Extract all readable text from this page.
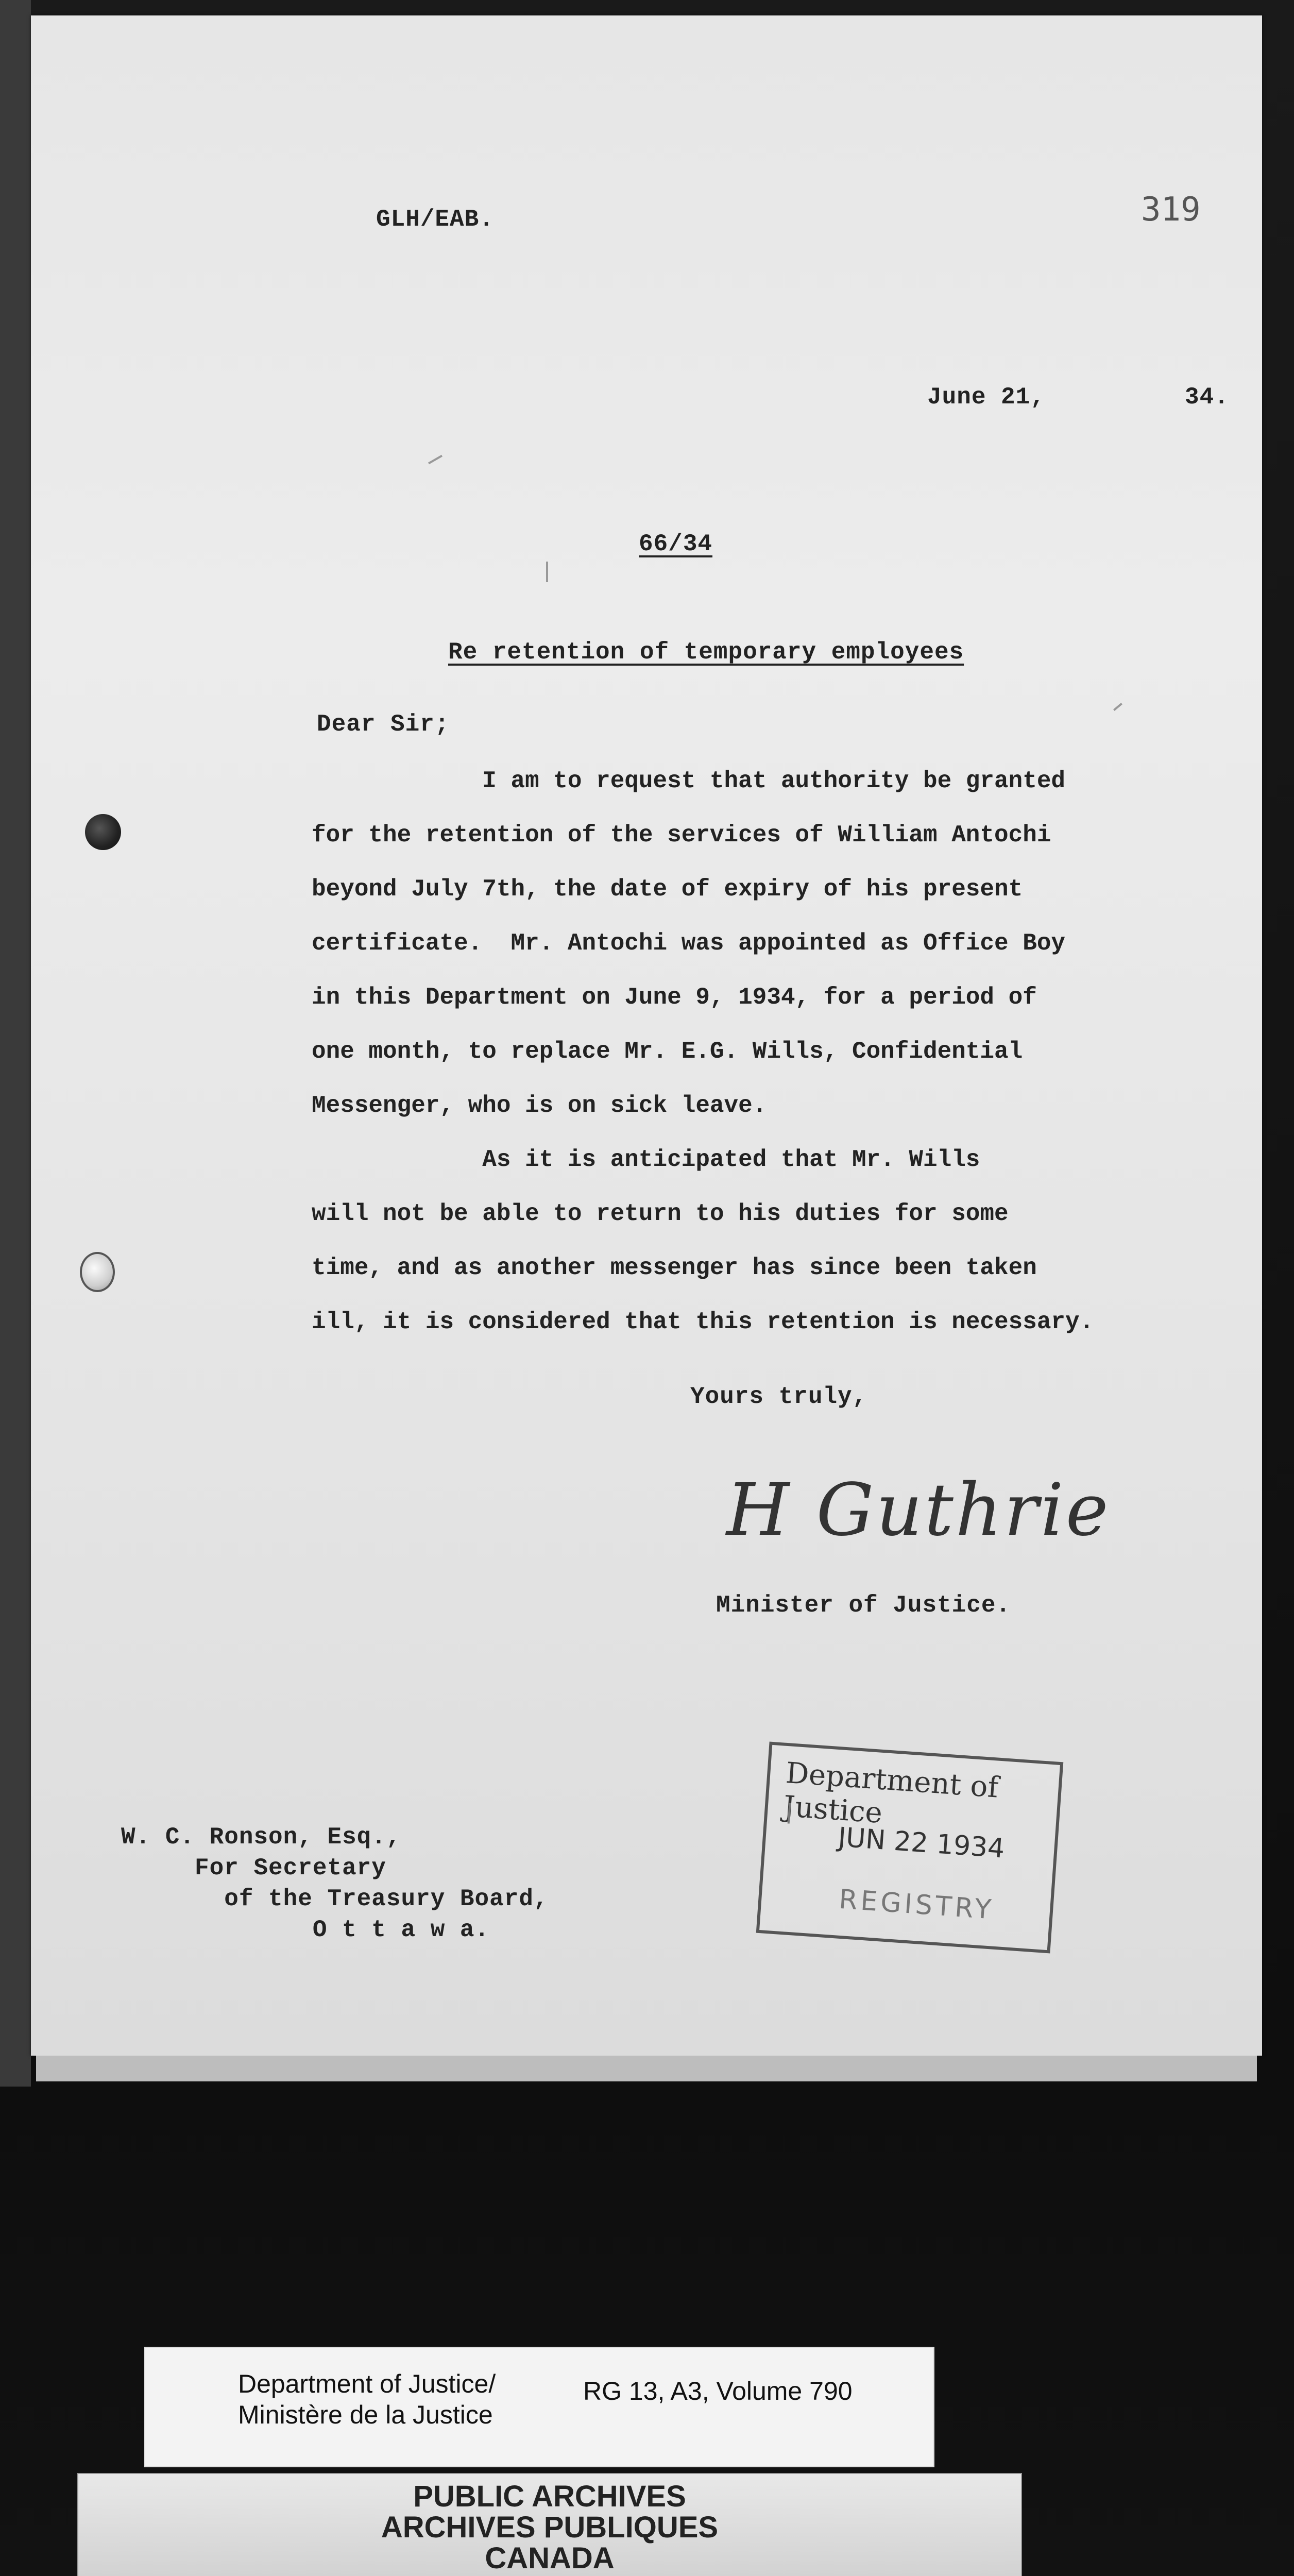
GLH/EAB.	319
June 21,	34.
66/34
Re retention of temporary employees
Dear Sir;
I am to request that authority be granted
for the retention of the services of William Antochi
beyond July 7th, the date of expiry of his present
certificate.  Mr. Antochi was appointed as Office Boy
in this Department on June 9, 1934, for a period of
one month, to replace Mr. E.G. Wills, Confidential
Messenger, who is on sick leave.
As it is anticipated that Mr. Wills
will not be able to return to his duties for some
time, and as another messenger has since been taken
ill, it is considered that this retention is necessary.
Yours truly,
H Guthrie
Minister of Justice.
W. C. Ronson, Esq.,
For Secretary
of the Treasury Board,
O t t a w a.
Department of Justice
JUN 22 1934
REGISTRY
Department of Justice/
Ministère de la Justice
RG 13, A3, Volume 790
PUBLIC ARCHIVES
ARCHIVES PUBLIQUES
CANADA
